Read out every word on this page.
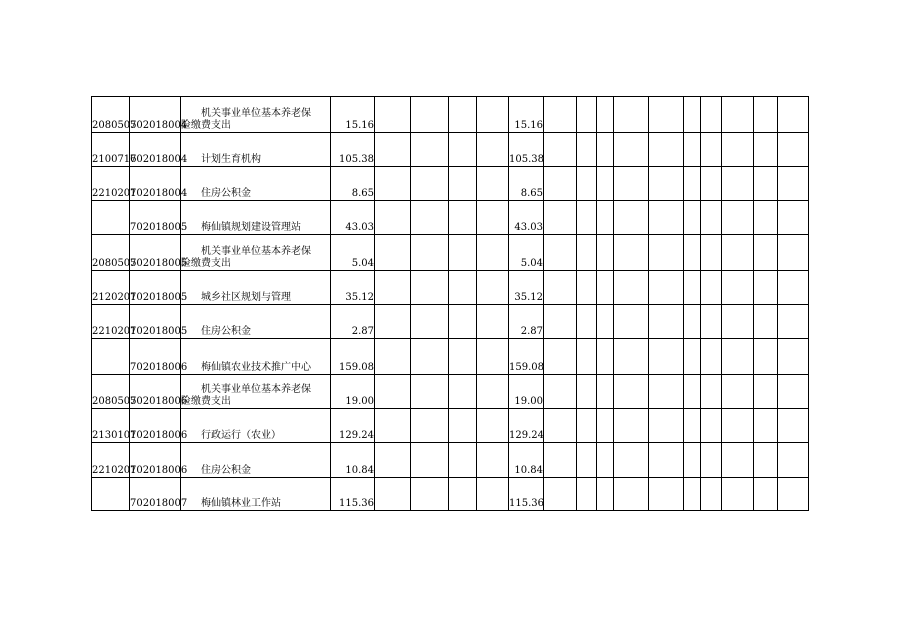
2080505	702018004	机关事业单位基本养老保
险缴费支出	15.16					15.16										

2100716	702018004	计划生育机构	105.38					105.38										

2210201	702018004	住房公积金	8.65					8.65										

	702018005	梅仙镇规划建设管理站	43.03					43.03										

2080505	702018005	机关事业单位基本养老保
险缴费支出	5.04					5.04										

2120201	702018005	城乡社区规划与管理	35.12					35.12										

2210201	702018005	住房公积金	2.87					2.87										

	702018006	梅仙镇农业技术推广中心	159.08					159.08										

2080505	702018006	机关事业单位基本养老保
险缴费支出	19.00					19.00										

2130101	702018006	行政运行（农业）	129.24					129.24										

2210201	702018006	住房公积金	10.84					10.84										

	702018007	梅仙镇林业工作站	115.36					115.36										
